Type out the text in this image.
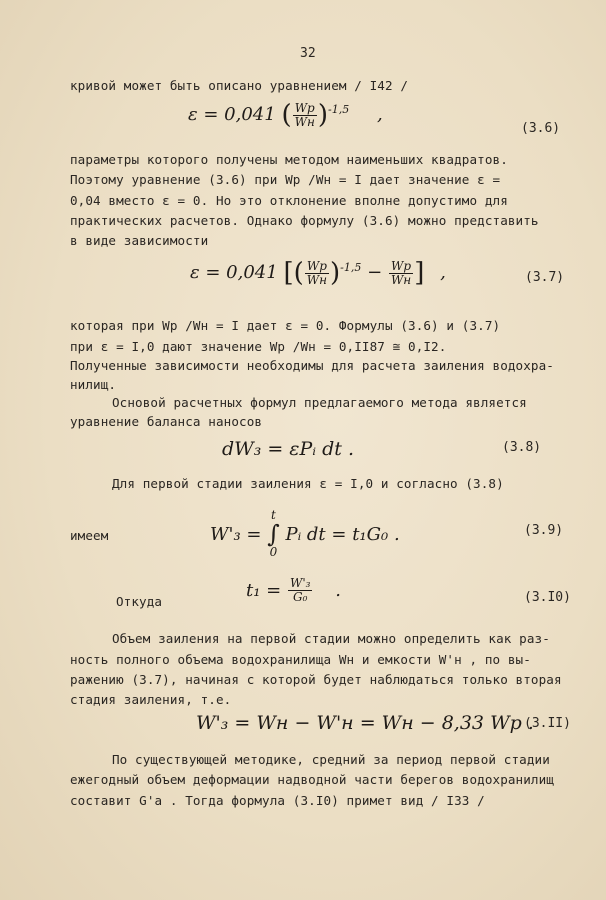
32
кривой может быть описано уравнением / I42 /
ε = 0,041 ( $\frac{Wр}{Wн} )^{-1,5}$ ,
(3.6)
параметры которого получены методом наименьших квадратов.
Поэтому уравнение (3.6) при Wр /Wн = I дает значение ε =
0,04 вместо ε = 0. Но это отклонение вполне допустимо для
практических расчетов. Однако формулу (3.6) можно представить
в виде зависимости
ε = 0,041 [( $\frac{Wр}{Wн} )^{-1,5} - \frac{Wр}{Wн}$ ] ,	(3.7)
которая при Wр /Wн = I дает ε = 0. Формулы (3.6) и (3.7)
при ε = I,0 дают значение Wр /Wн = 0,II87 ≅ 0,I2.
Полученные зависимости необходимы для расчета заиления водохра-
нилищ.
Основой расчетных формул предлагаемого метода является
уравнение баланса наносов
dW₃ = εPᵢ dt .	(3.8)
Для первой стадии заиления ε = I,0 и согласно (3.8)
имеем	W'₃ =
t
∫
0
Pᵢ dt = t₁G₀ .	(3.9)
Откуда
$t_1 = \frac{\text{W'₃}}{\text{G₀}}$ .	(3.I0)
Объем заиления на первой стадии можно определить как раз-
ность полного объема водохранилища Wн и емкости W'н , по вы-
ражению (3.7), начиная с которой будет наблюдаться только вторая
стадия заиления, т.е.
W'₃ = Wн − W'н = Wн − 8,33 Wр .
(3.II)
По существующей методике, средний за период первой стадии
ежегодный объем деформации надводной части берегов водохранилищ
составит G'a . Тогда формула (3.I0) примет вид / I33 /
